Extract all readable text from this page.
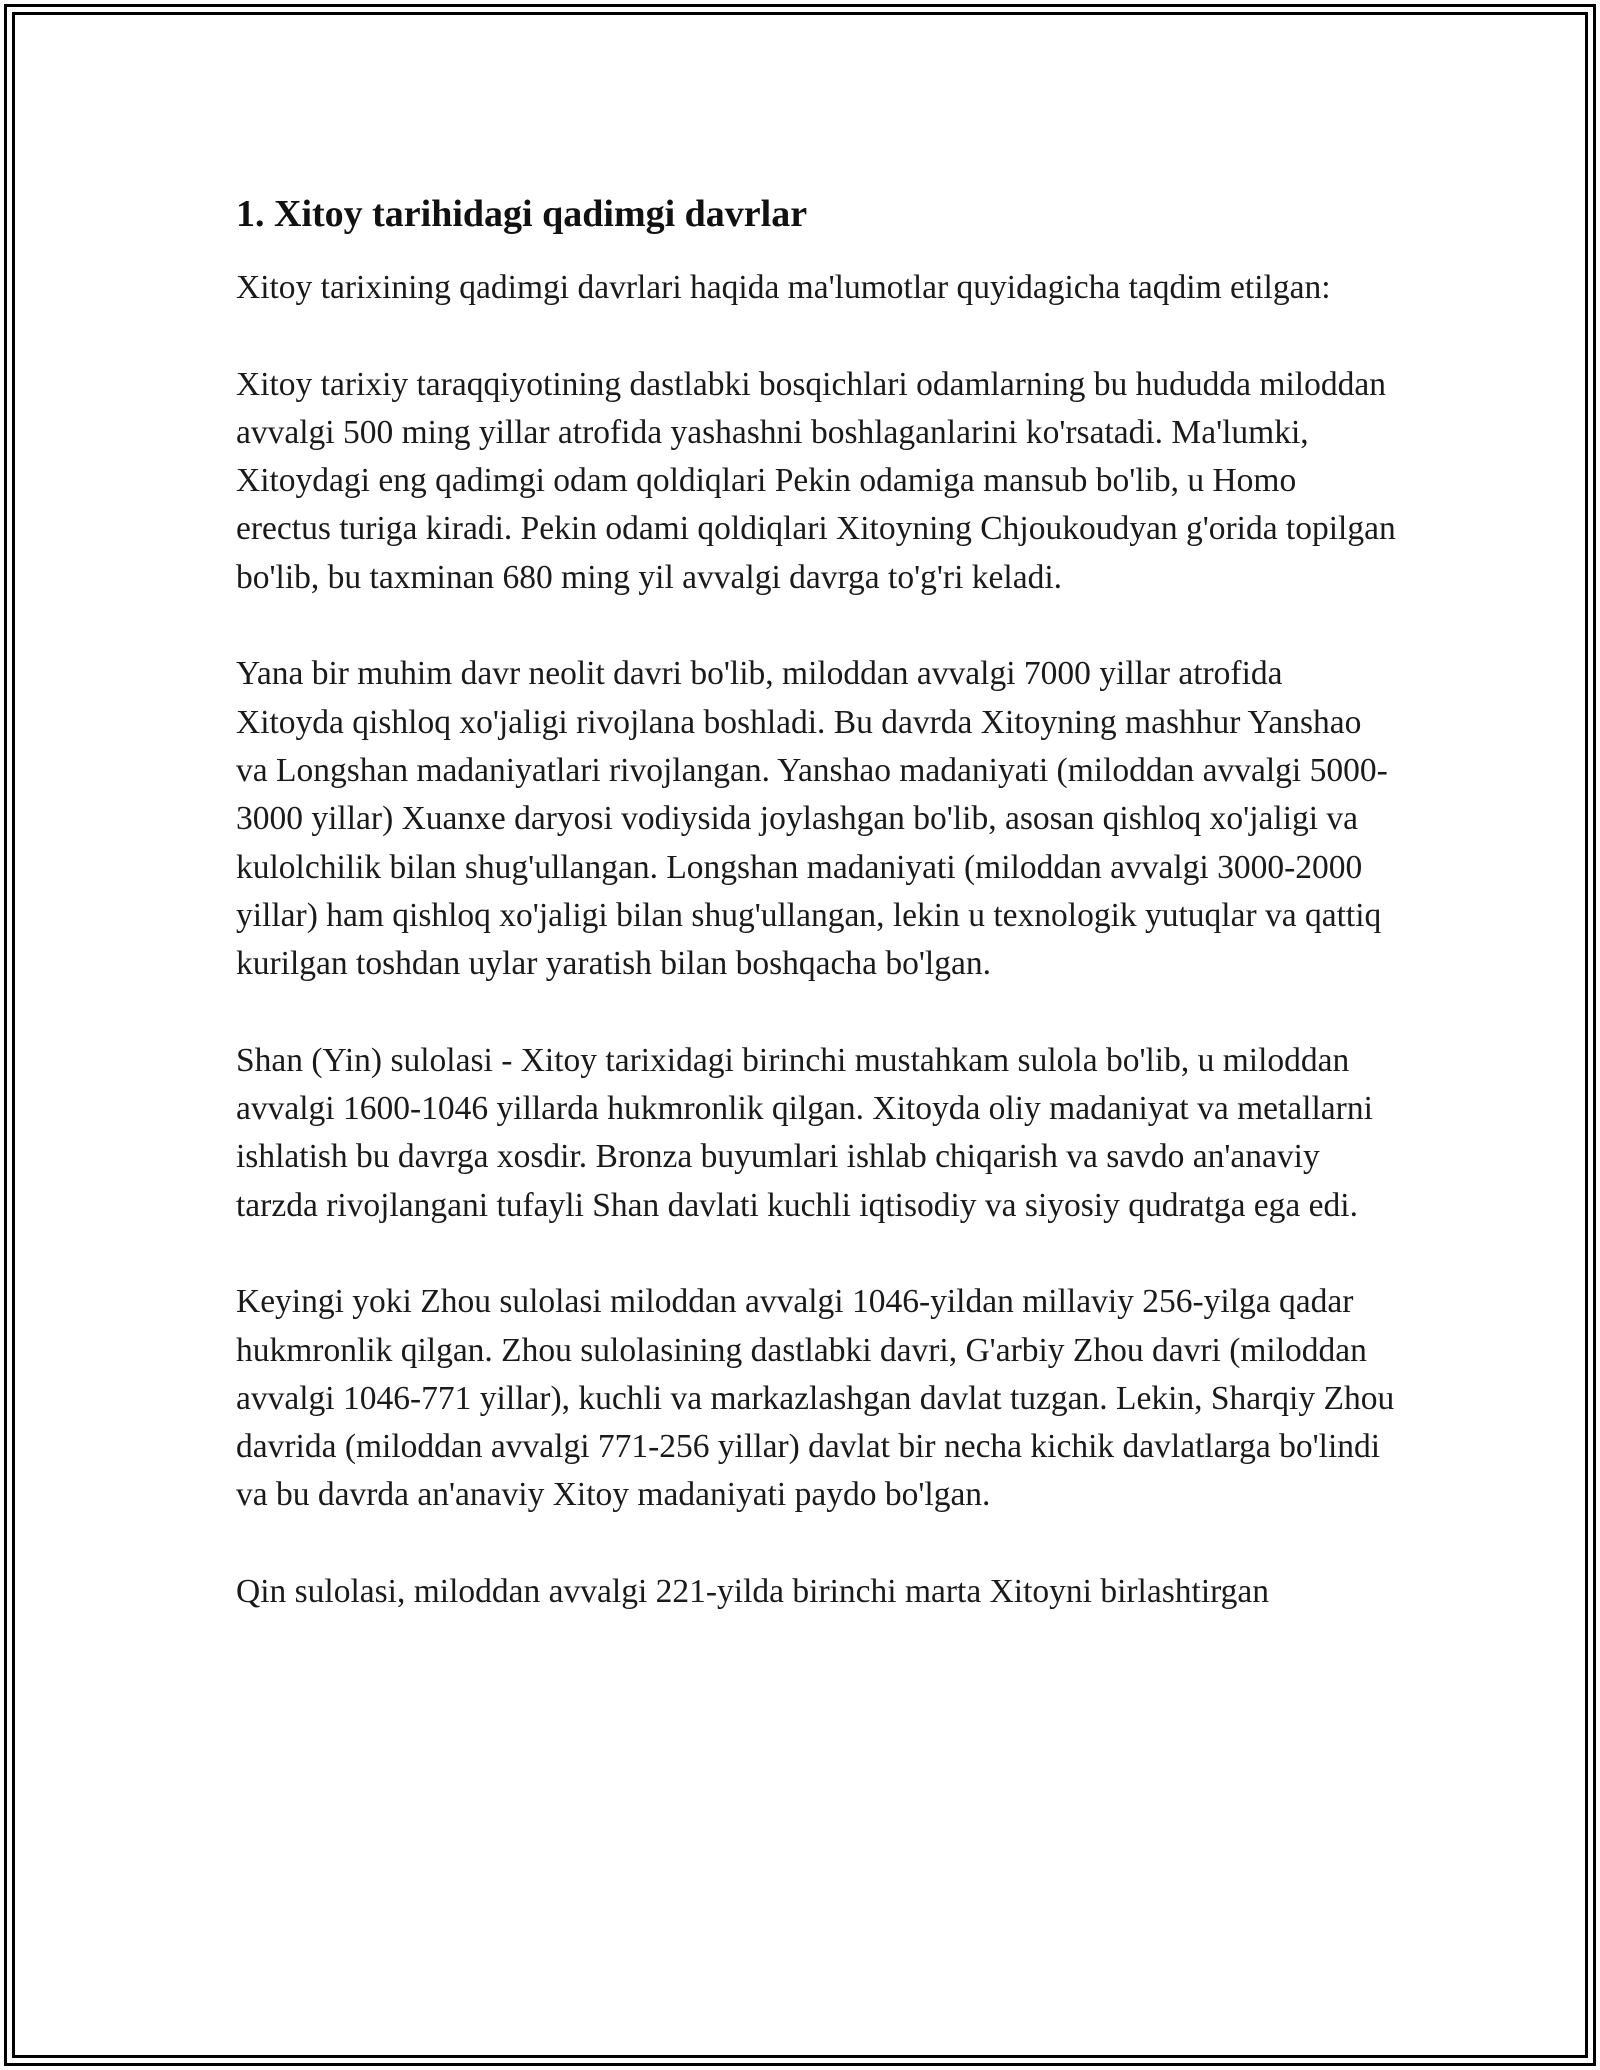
1. Xitoy tarihidagi qadimgi davrlar

Xitoy tarixining qadimgi davrlari haqida ma'lumotlar quyidagicha taqdim etilgan:

Xitoy tarixiy taraqqiyotining dastlabki bosqichlari odamlarning bu hududda miloddan avvalgi 500 ming yillar atrofida yashashni boshlaganlarini ko'rsatadi. Ma'lumki, Xitoydagi eng qadimgi odam qoldiqlari Pekin odamiga mansub bo'lib, u Homo erectus turiga kiradi. Pekin odami qoldiqlari Xitoyning Chjoukoudyan g'orida topilgan bo'lib, bu taxminan 680 ming yil avvalgi davrga to'g'ri keladi.

Yana bir muhim davr neolit davri bo'lib, miloddan avvalgi 7000 yillar atrofida Xitoyda qishloq xo'jaligi rivojlana boshladi. Bu davrda Xitoyning mashhur Yanshao va Longshan madaniyatlari rivojlangan. Yanshao madaniyati (miloddan avvalgi 5000-3000 yillar) Xuanxe daryosi vodiysida joylashgan bo'lib, asosan qishloq xo'jaligi va kulolchilik bilan shug'ullangan. Longshan madaniyati (miloddan avvalgi 3000-2000 yillar) ham qishloq xo'jaligi bilan shug'ullangan, lekin u texnologik yutuqlar va qattiq kurilgan toshdan uylar yaratish bilan boshqacha bo'lgan.

Shan (Yin) sulolasi - Xitoy tarixidagi birinchi mustahkam sulola bo'lib, u miloddan avvalgi 1600-1046 yillarda hukmronlik qilgan. Xitoyda oliy madaniyat va metallarni ishlatish bu davrga xosdir. Bronza buyumlari ishlab chiqarish va savdo an'anaviy tarzda rivojlangani tufayli Shan davlati kuchli iqtisodiy va siyosiy qudratga ega edi.

Keyingi yoki Zhou sulolasi miloddan avvalgi 1046-yildan millaviy 256-yilga qadar hukmronlik qilgan. Zhou sulolasining dastlabki davri, G'arbiy Zhou davri (miloddan avvalgi 1046-771 yillar), kuchli va markazlashgan davlat tuzgan. Lekin, Sharqiy Zhou davrida (miloddan avvalgi 771-256 yillar) davlat bir necha kichik davlatlarga bo'lindi va bu davrda an'anaviy Xitoy madaniyati paydo bo'lgan.

Qin sulolasi, miloddan avvalgi 221-yilda birinchi marta Xitoyni birlashtirgan
